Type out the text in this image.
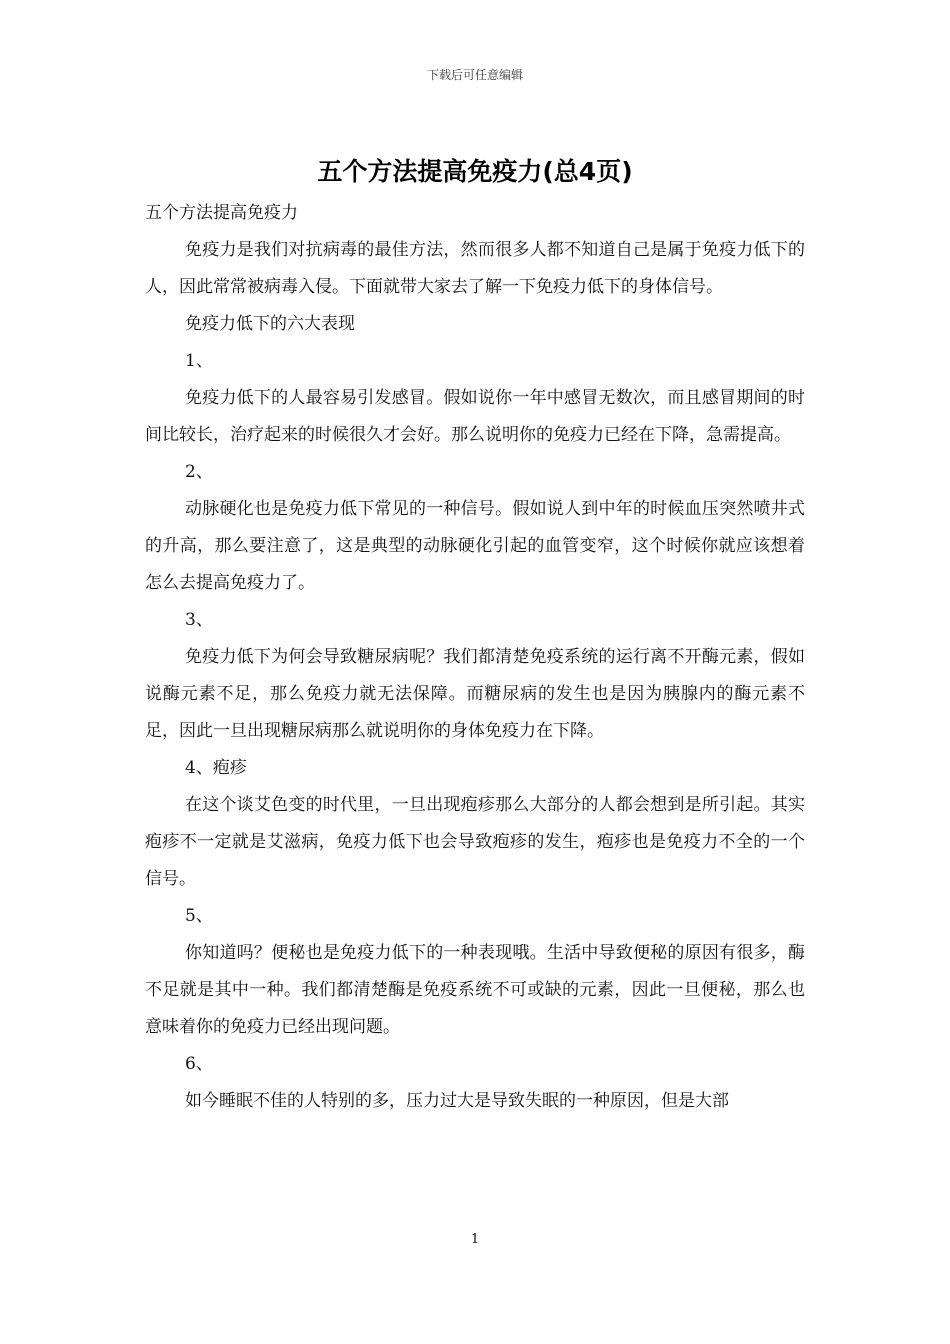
下载后可任意编辑
五个方法提高免疫力(总4页)

五个方法提高免疫力

免疫力是我们对抗病毒的最佳方法，然而很多人都不知道自己是属于免疫力低下的人，因此常常被病毒入侵。下面就带大家去了解一下免疫力低下的身体信号。

免疫力低下的六大表现

1、

免疫力低下的人最容易引发感冒。假如说你一年中感冒无数次，而且感冒期间的时间比较长，治疗起来的时候很久才会好。那么说明你的免疫力已经在下降，急需提高。

2、

动脉硬化也是免疫力低下常见的一种信号。假如说人到中年的时候血压突然喷井式的升高，那么要注意了，这是典型的动脉硬化引起的血管变窄，这个时候你就应该想着怎么去提高免疫力了。

3、

免疫力低下为何会导致糖尿病呢？我们都清楚免疫系统的运行离不开酶元素，假如说酶元素不足，那么免疫力就无法保障。而糖尿病的发生也是因为胰腺内的酶元素不足，因此一旦出现糖尿病那么就说明你的身体免疫力在下降。

4、疱疹

在这个谈艾色变的时代里，一旦出现疱疹那么大部分的人都会想到是所引起。其实疱疹不一定就是艾滋病，免疫力低下也会导致疱疹的发生，疱疹也是免疫力不全的一个信号。

5、

你知道吗？便秘也是免疫力低下的一种表现哦。生活中导致便秘的原因有很多，酶不足就是其中一种。我们都清楚酶是免疫系统不可或缺的元素，因此一旦便秘，那么也意味着你的免疫力已经出现问题。

6、

如今睡眠不佳的人特别的多，压力过大是导致失眠的一种原因，但是大部

1
